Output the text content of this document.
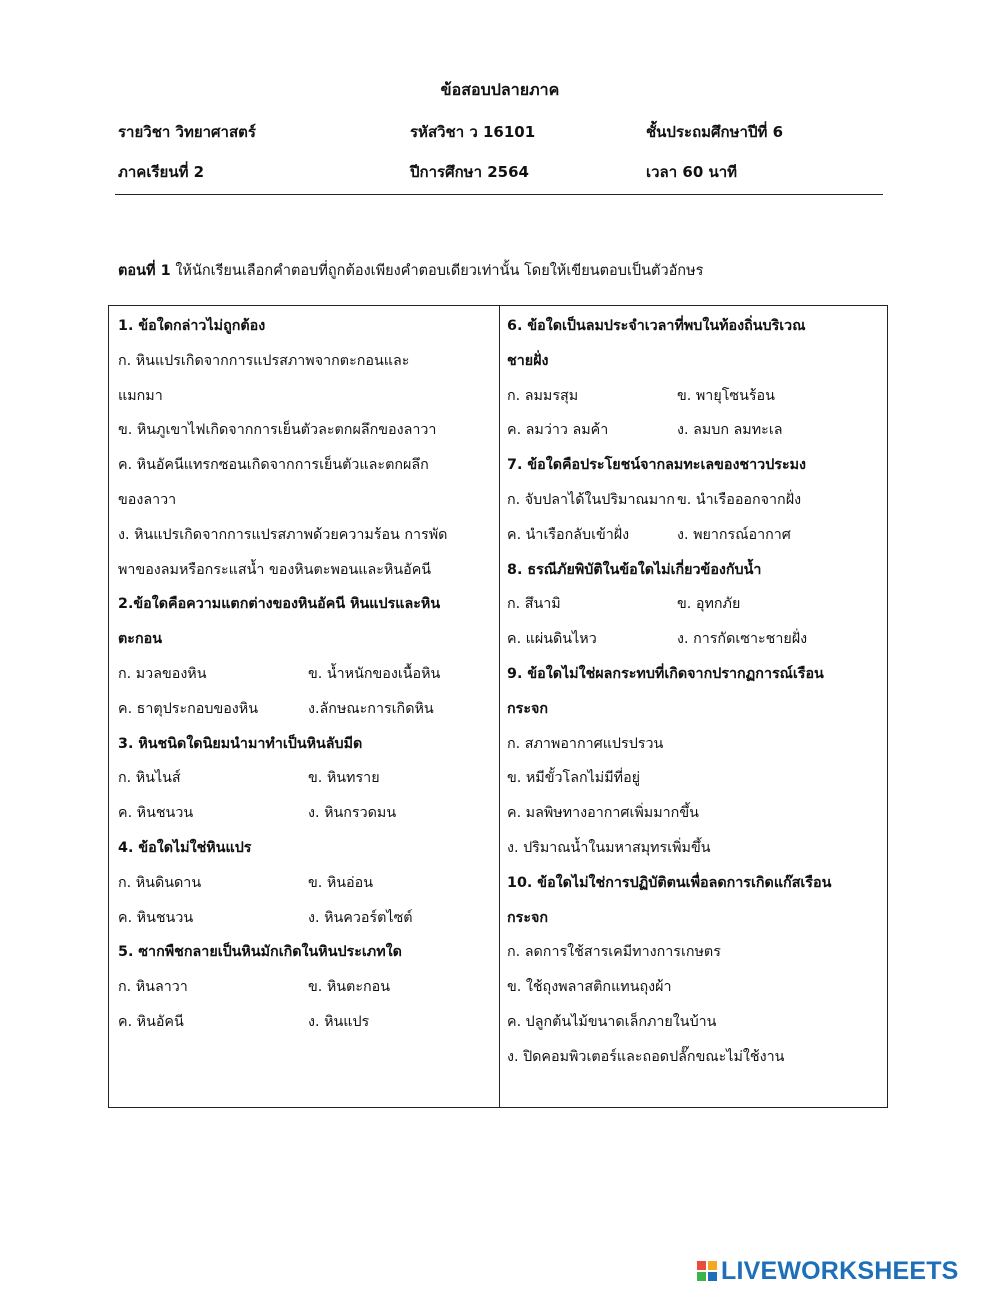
ข้อสอบปลายภาค
รายวิชา วิทยาศาสตร์	รหัสวิชา ว 16101	ชั้นประถมศึกษาปีที่ 6
ภาคเรียนที่ 2	ปีการศึกษา 2564	เวลา 60 นาที
ตอนที่ 1 ให้นักเรียนเลือกคำตอบที่ถูกต้องเพียงคำตอบเดียวเท่านั้น โดยให้เขียนตอบเป็นตัวอักษร
1. ข้อใดกล่าวไม่ถูกต้อง
ก. หินแปรเกิดจากการแปรสภาพจากตะกอนและ
แมกมา
ข. หินภูเขาไฟเกิดจากการเย็นตัวละตกผลึกของลาวา
ค. หินอัคนีแทรกซอนเกิดจากการเย็นตัวและตกผลึก
ของลาวา
ง. หินแปรเกิดจากการแปรสภาพด้วยความร้อน การพัด
พาของลมหรือกระแสน้ำ ของหินตะพอนและหินอัคนี
2.ข้อใดคือความแตกต่างของหินอัคนี หินแปรและหิน
ตะกอน
ก. มวลของหิน	ข. น้ำหนักของเนื้อหิน
ค. ธาตุประกอบของหิน	ง.ลักษณะการเกิดหิน
3. หินชนิดใดนิยมนำมาทำเป็นหินลับมีด
ก. หินไนส์	ข. หินทราย
ค. หินชนวน	ง. หินกรวดมน
4. ข้อใดไม่ใช่หินแปร
ก. หินดินดาน	ข. หินอ่อน
ค. หินชนวน	ง. หินควอร์ตไซต์
5. ซากพืชกลายเป็นหินมักเกิดในหินประเภทใด
ก. หินลาวา	ข. หินตะกอน
ค. หินอัคนี	ง. หินแปร
6. ข้อใดเป็นลมประจำเวลาที่พบในท้องถิ่นบริเวณ
ชายฝั่ง
ก. ลมมรสุม	ข. พายุโซนร้อน
ค. ลมว่าว ลมค้า	ง. ลมบก ลมทะเล
7. ข้อใดคือประโยชน์จากลมทะเลของชาวประมง
ก. จับปลาได้ในปริมาณมาก ข. นำเรือออกจากฝั่ง
ค. นำเรือกลับเข้าฝั่ง	ง. พยากรณ์อากาศ
8. ธรณีภัยพิบัติในข้อใดไม่เกี่ยวข้องกับน้ำ
ก. สึนามิ	ข. อุทกภัย
ค. แผ่นดินไหว	ง. การกัดเซาะชายฝั่ง
9. ข้อใดไม่ใช่ผลกระทบที่เกิดจากปรากฏการณ์เรือน
กระจก
ก. สภาพอากาศแปรปรวน
ข. หมีขั้วโลกไม่มีที่อยู่
ค. มลพิษทางอากาศเพิ่มมากขึ้น
ง. ปริมาณน้ำในมหาสมุทรเพิ่มขึ้น
10. ข้อใดไม่ใช่การปฏิบัติตนเพื่อลดการเกิดแก๊สเรือน
กระจก
ก. ลดการใช้สารเคมีทางการเกษตร
ข. ใช้ถุงพลาสติกแทนถุงผ้า
ค. ปลูกต้นไม้ขนาดเล็กภายในบ้าน
ง. ปิดคอมพิวเตอร์และถอดปลั๊กขณะไม่ใช้งาน
LIVEWORKSHEETS
